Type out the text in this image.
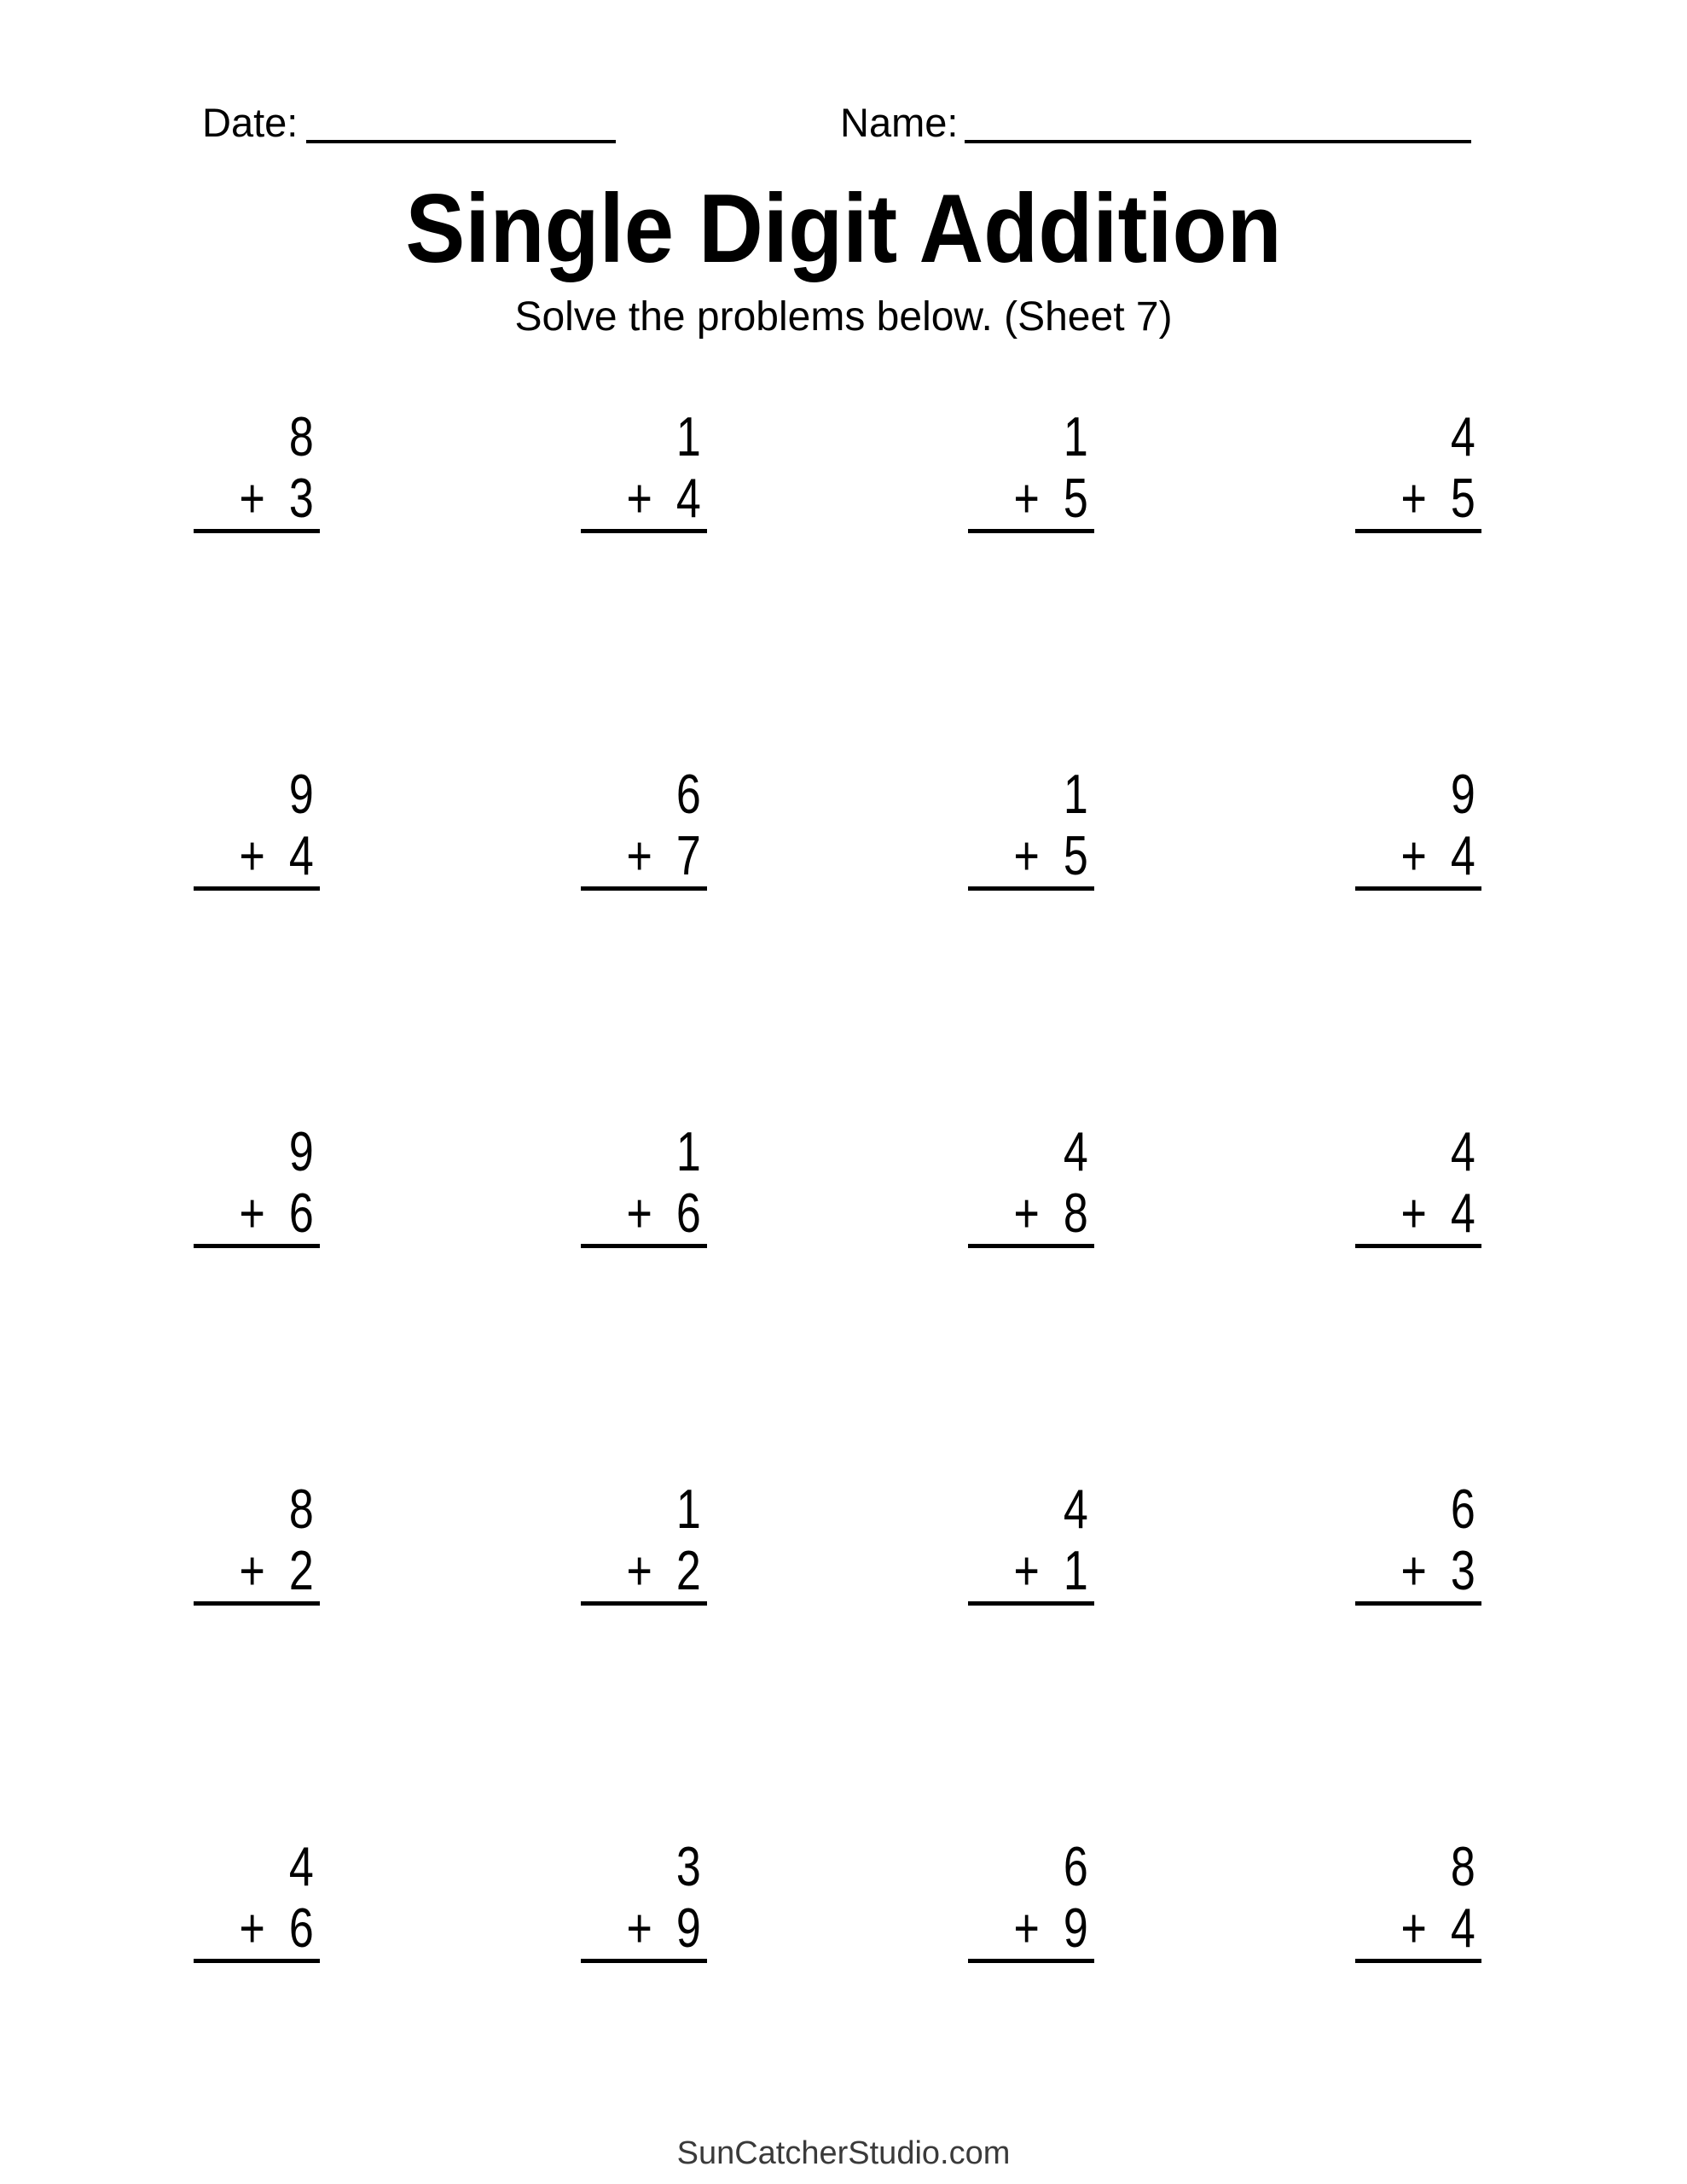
Date:	Name:
Single Digit Addition
Solve the problems below. (Sheet 7)
8
+ 3
1
+ 4
1
+ 5
4
+ 5
9
+ 4
6
+ 7
1
+ 5
9
+ 4
9
+ 6
1
+ 6
4
+ 8
4
+ 4
8
+ 2
1
+ 2
4
+ 1
6
+ 3
4
+ 6
3
+ 9
6
+ 9
8
+ 4
SunCatcherStudio.com
